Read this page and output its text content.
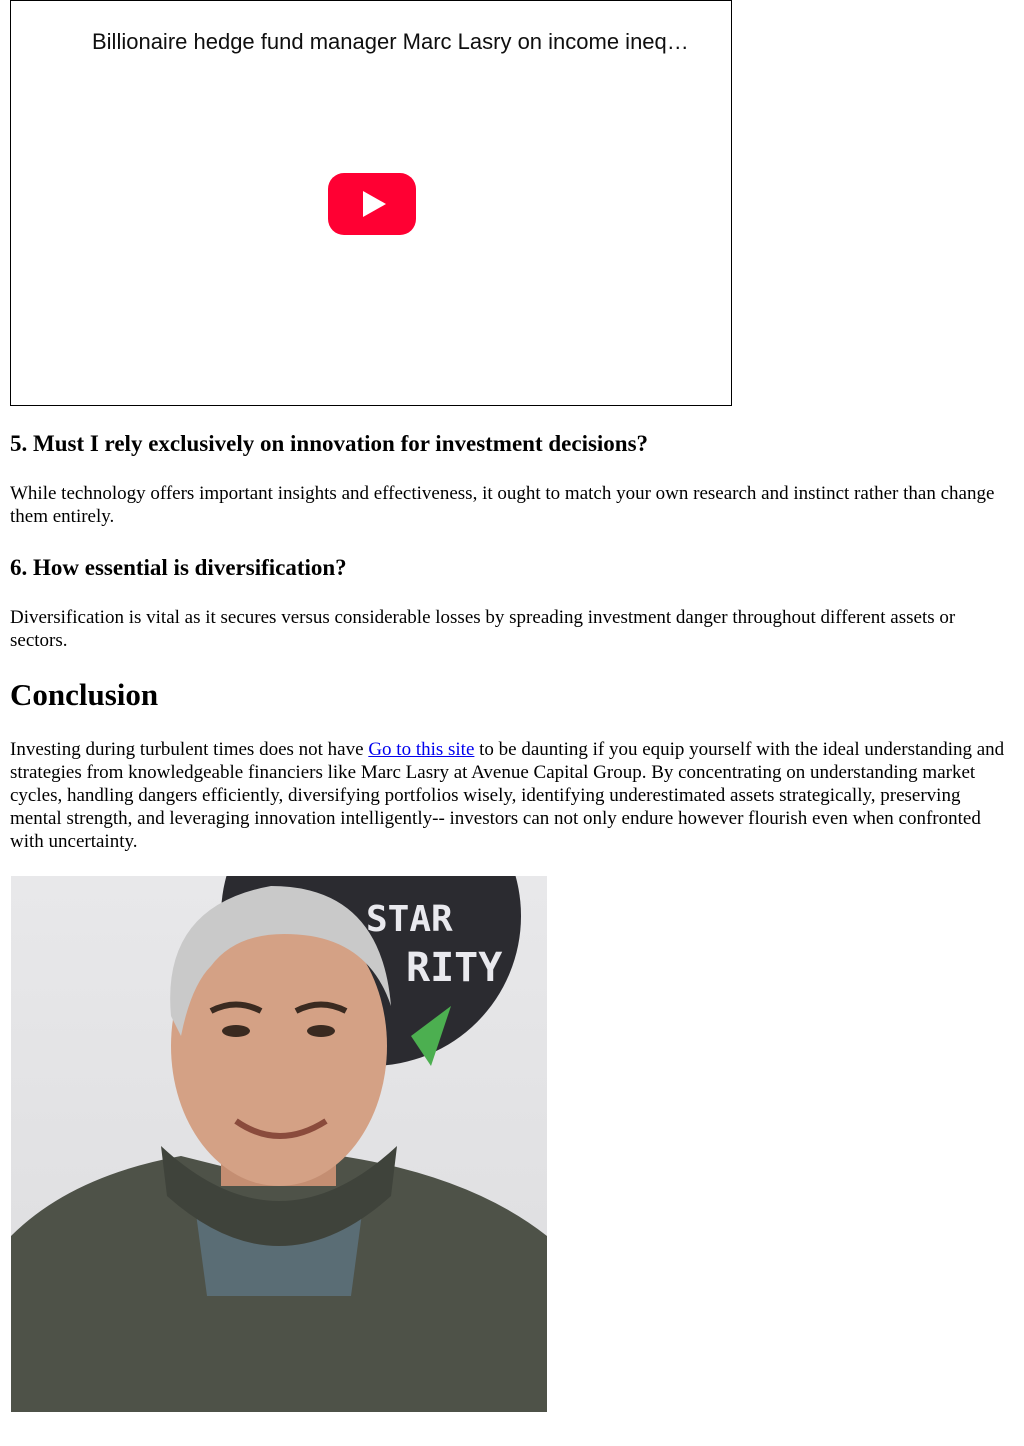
Billionaire hedge fund manager Marc Lasry on income ineq…
5. Must I rely exclusively on innovation for investment decisions?

While technology offers important insights and effectiveness, it ought to match your own research and instinct rather than change them entirely.

6. How essential is diversification?

Diversification is vital as it secures versus considerable losses by spreading investment danger throughout different assets or sectors.

Conclusion

Investing during turbulent times does not have Go to this site to be daunting if you equip yourself with the ideal understanding and strategies from knowledgeable financiers like Marc Lasry at Avenue Capital Group. By concentrating on understanding market cycles, handling dangers efficiently, diversifying portfolios wisely, identifying underestimated assets strategically, preserving mental strength, and leveraging innovation intelligently-- investors can not only endure however flourish even when confronted with uncertainty.

STAR
RITY
